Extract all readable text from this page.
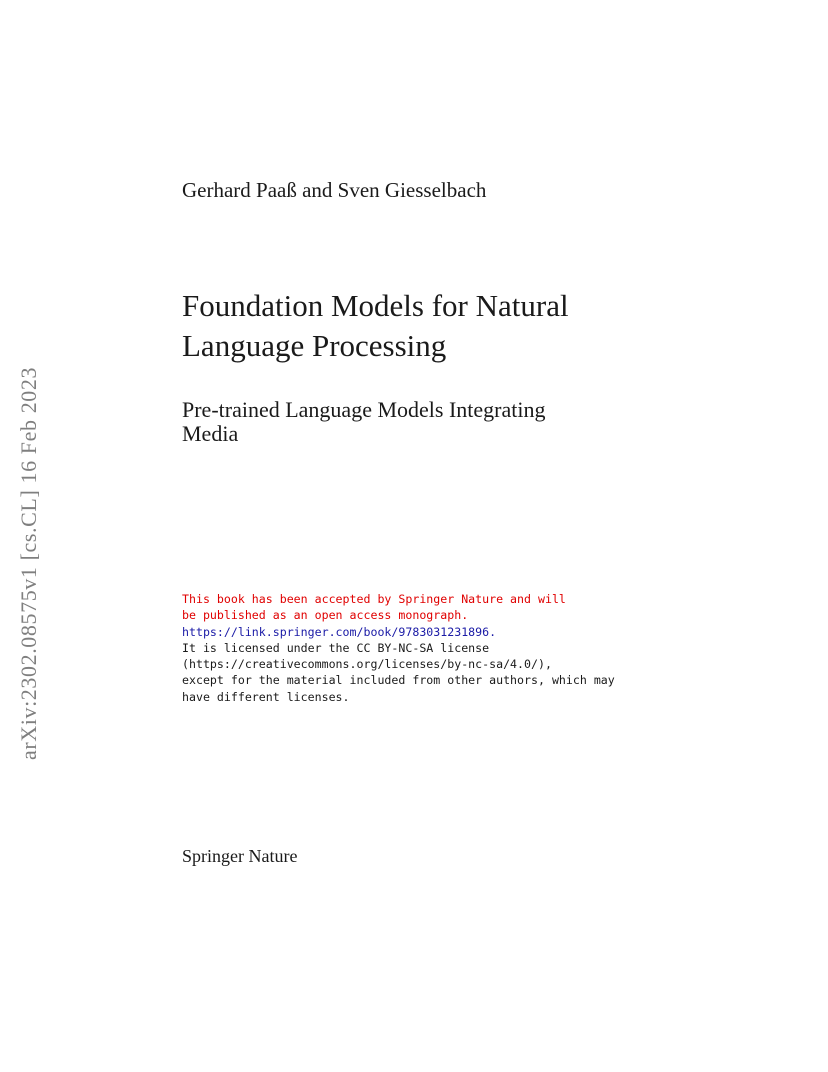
arXiv:2302.08575v1 [cs.CL] 16 Feb 2023
Gerhard Paaß and Sven Giesselbach
Foundation Models for Natural
Language Processing
Pre-trained Language Models Integrating
Media
This book has been accepted by Springer Nature and will
be published as an open access monograph.
https://link.springer.com/book/9783031231896.
It is licensed under the CC BY-NC-SA license
(https://creativecommons.org/licenses/by-nc-sa/4.0/),
except for the material included from other authors, which may
have different licenses.
Springer Nature
